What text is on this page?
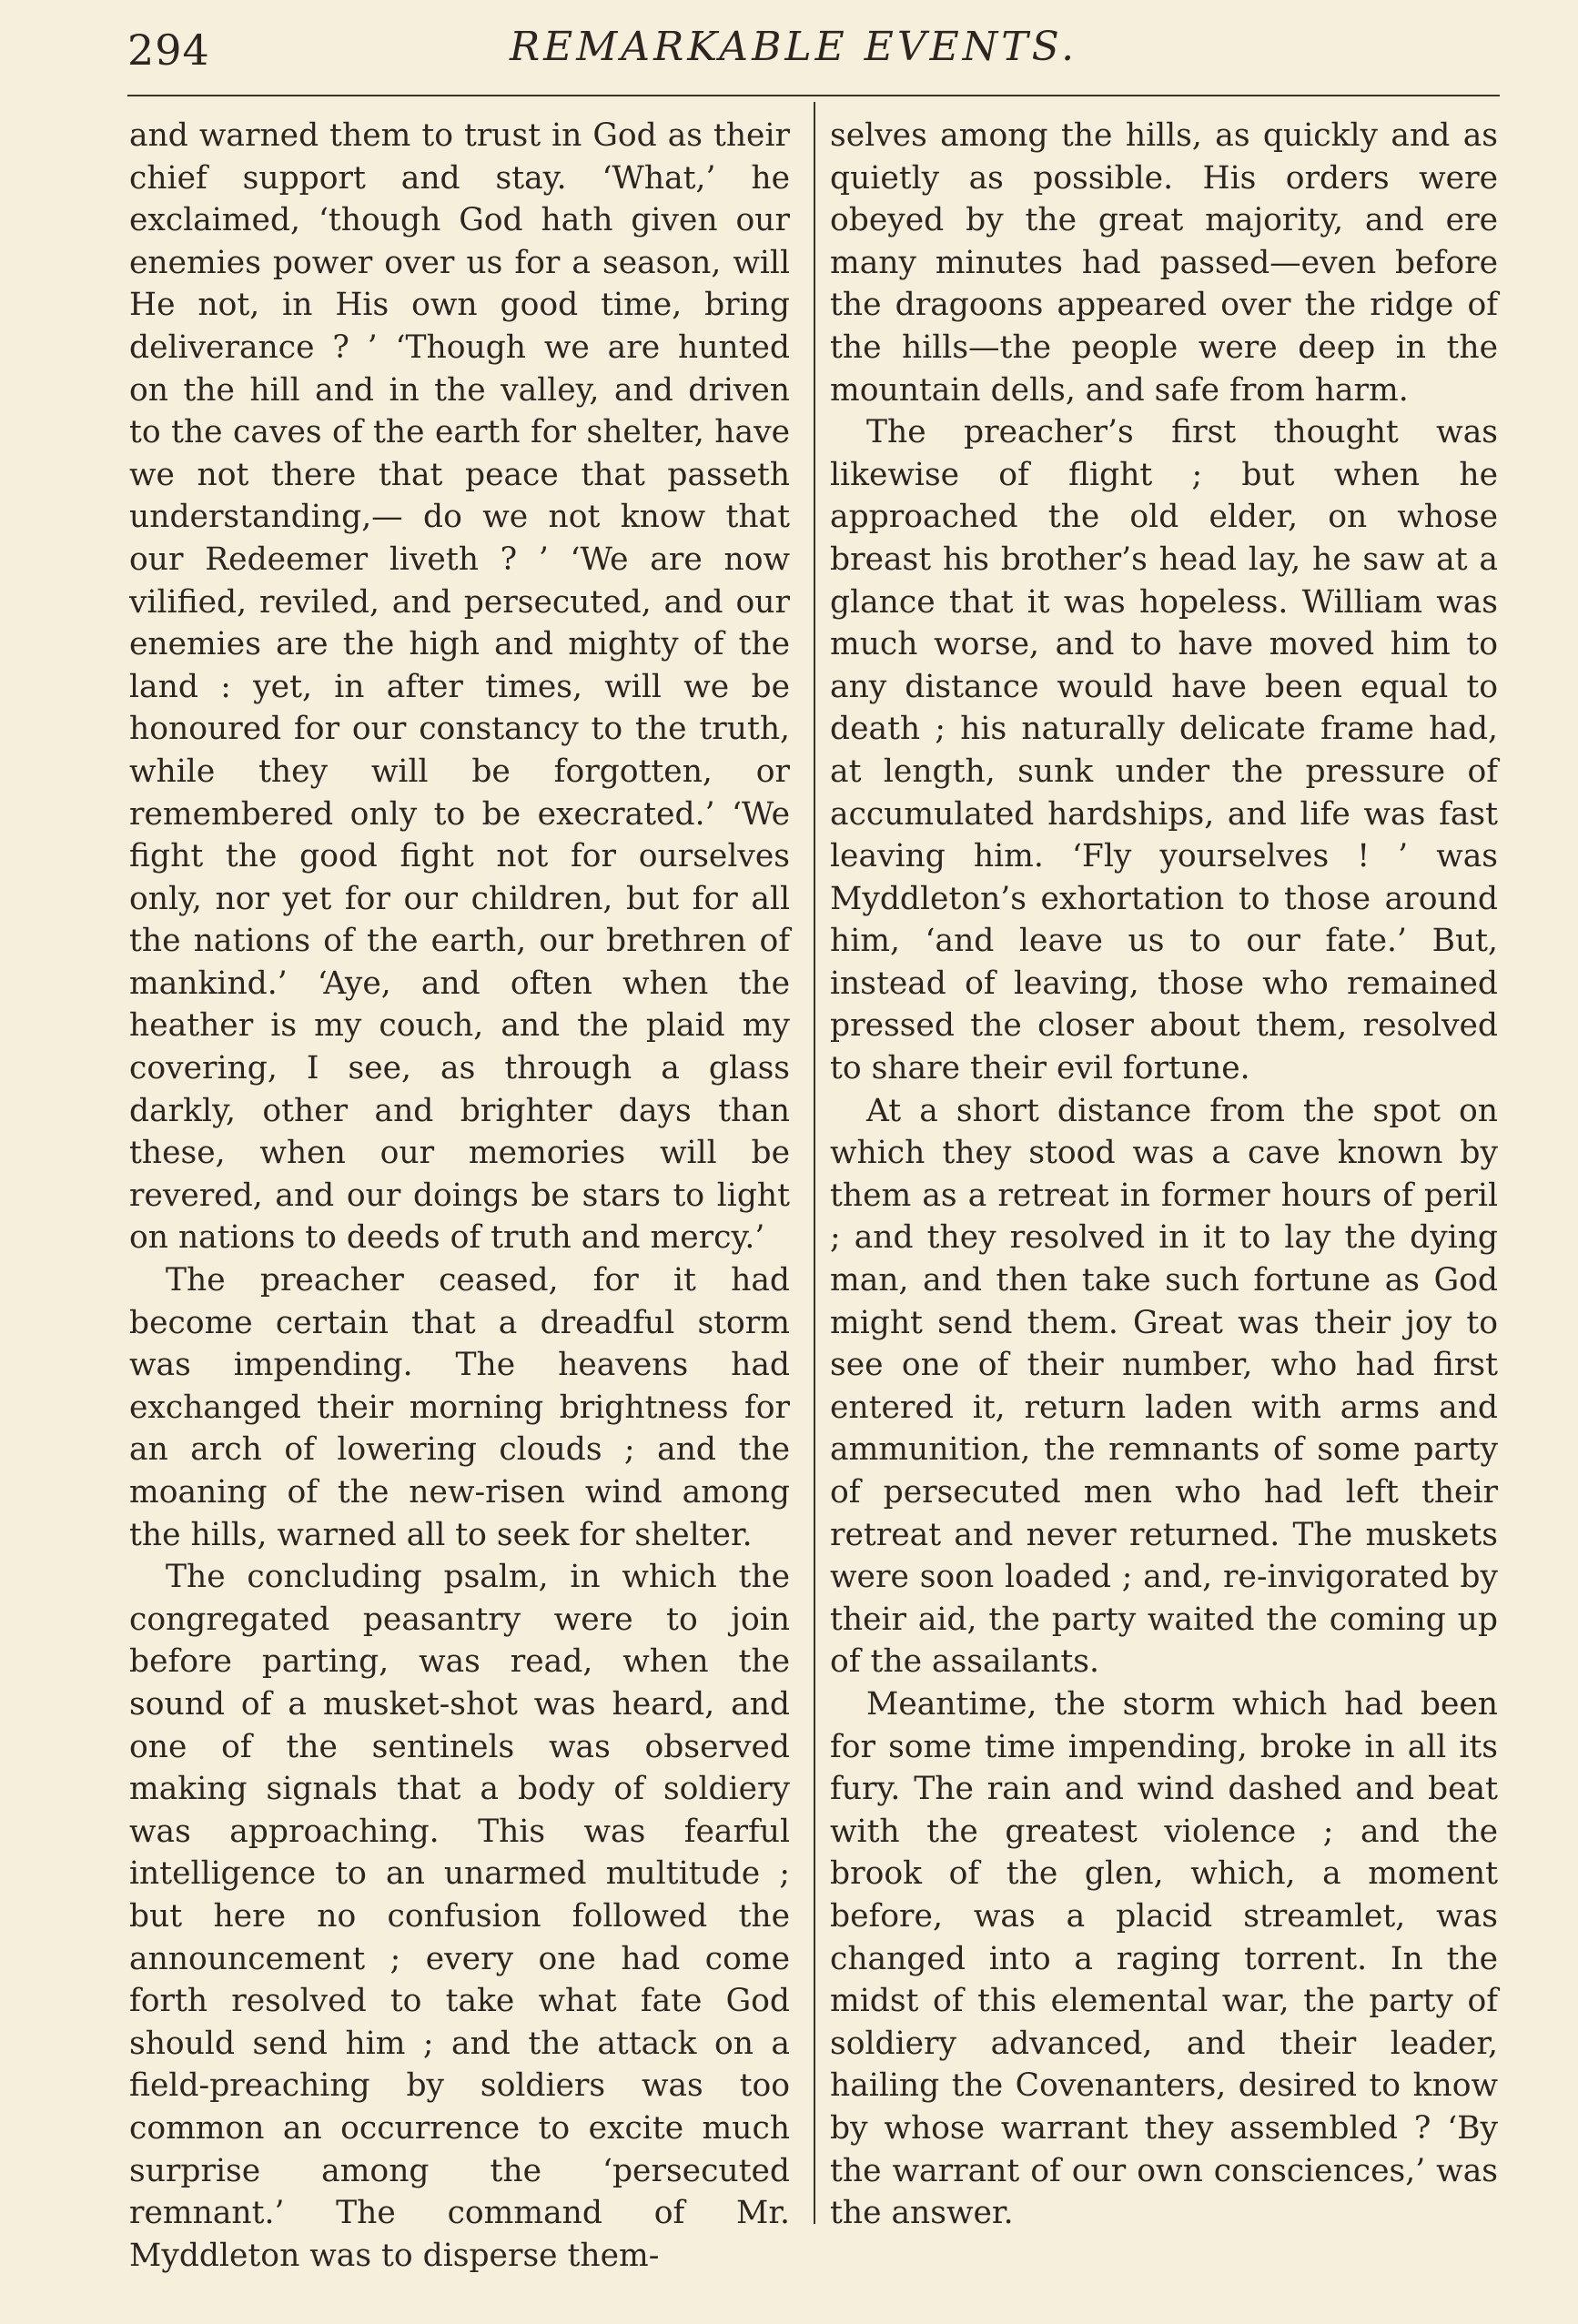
294	REMARKABLE EVENTS.

and warned them to trust in God as their chief support and stay. ‘What,’ he exclaimed, ‘though God hath given our enemies power over us for a season, will He not, in His own good time, bring deliverance ? ’ ‘Though we are hunted on the hill and in the valley, and driven to the caves of the earth for shelter, have we not there that peace that passeth understanding,— do we not know that our Redeemer liveth ? ’ ‘We are now vilified, reviled, and persecuted, and our enemies are the high and mighty of the land : yet, in after times, will we be honoured for our constancy to the truth, while they will be forgotten, or remembered only to be execrated.’ ‘We fight the good fight not for ourselves only, nor yet for our children, but for all the nations of the earth, our brethren of mankind.’ ‘Aye, and often when the heather is my couch, and the plaid my covering, I see, as through a glass darkly, other and brighter days than these, when our memories will be revered, and our doings be stars to light on nations to deeds of truth and mercy.’

The preacher ceased, for it had become certain that a dreadful storm was impending. The heavens had exchanged their morning brightness for an arch of lowering clouds ; and the moaning of the new-risen wind among the hills, warned all to seek for shelter.

The concluding psalm, in which the congregated peasantry were to join before parting, was read, when the sound of a musket-shot was heard, and one of the sentinels was observed making signals that a body of soldiery was approaching. This was fearful intelligence to an unarmed multitude ; but here no confusion followed the announcement ; every one had come forth resolved to take what fate God should send him ; and the attack on a field-preaching by soldiers was too common an occurrence to excite much surprise among the ‘persecuted remnant.’ The command of Mr. Myddleton was to disperse them-

selves among the hills, as quickly and as quietly as possible. His orders were obeyed by the great majority, and ere many minutes had passed—even before the dragoons appeared over the ridge of the hills—the people were deep in the mountain dells, and safe from harm.

The preacher’s first thought was likewise of flight ; but when he approached the old elder, on whose breast his brother’s head lay, he saw at a glance that it was hopeless. William was much worse, and to have moved him to any distance would have been equal to death ; his naturally delicate frame had, at length, sunk under the pressure of accumulated hardships, and life was fast leaving him. ‘Fly yourselves ! ’ was Myddleton’s exhortation to those around him, ‘and leave us to our fate.’ But, instead of leaving, those who remained pressed the closer about them, resolved to share their evil fortune.

At a short distance from the spot on which they stood was a cave known by them as a retreat in former hours of peril ; and they resolved in it to lay the dying man, and then take such fortune as God might send them. Great was their joy to see one of their number, who had first entered it, return laden with arms and ammunition, the remnants of some party of persecuted men who had left their retreat and never returned. The muskets were soon loaded ; and, re-invigorated by their aid, the party waited the coming up of the assailants.

Meantime, the storm which had been for some time impending, broke in all its fury. The rain and wind dashed and beat with the greatest violence ; and the brook of the glen, which, a moment before, was a placid streamlet, was changed into a raging torrent. In the midst of this elemental war, the party of soldiery advanced, and their leader, hailing the Covenanters, desired to know by whose warrant they assembled ? ‘By the warrant of our own consciences,’ was the answer.
